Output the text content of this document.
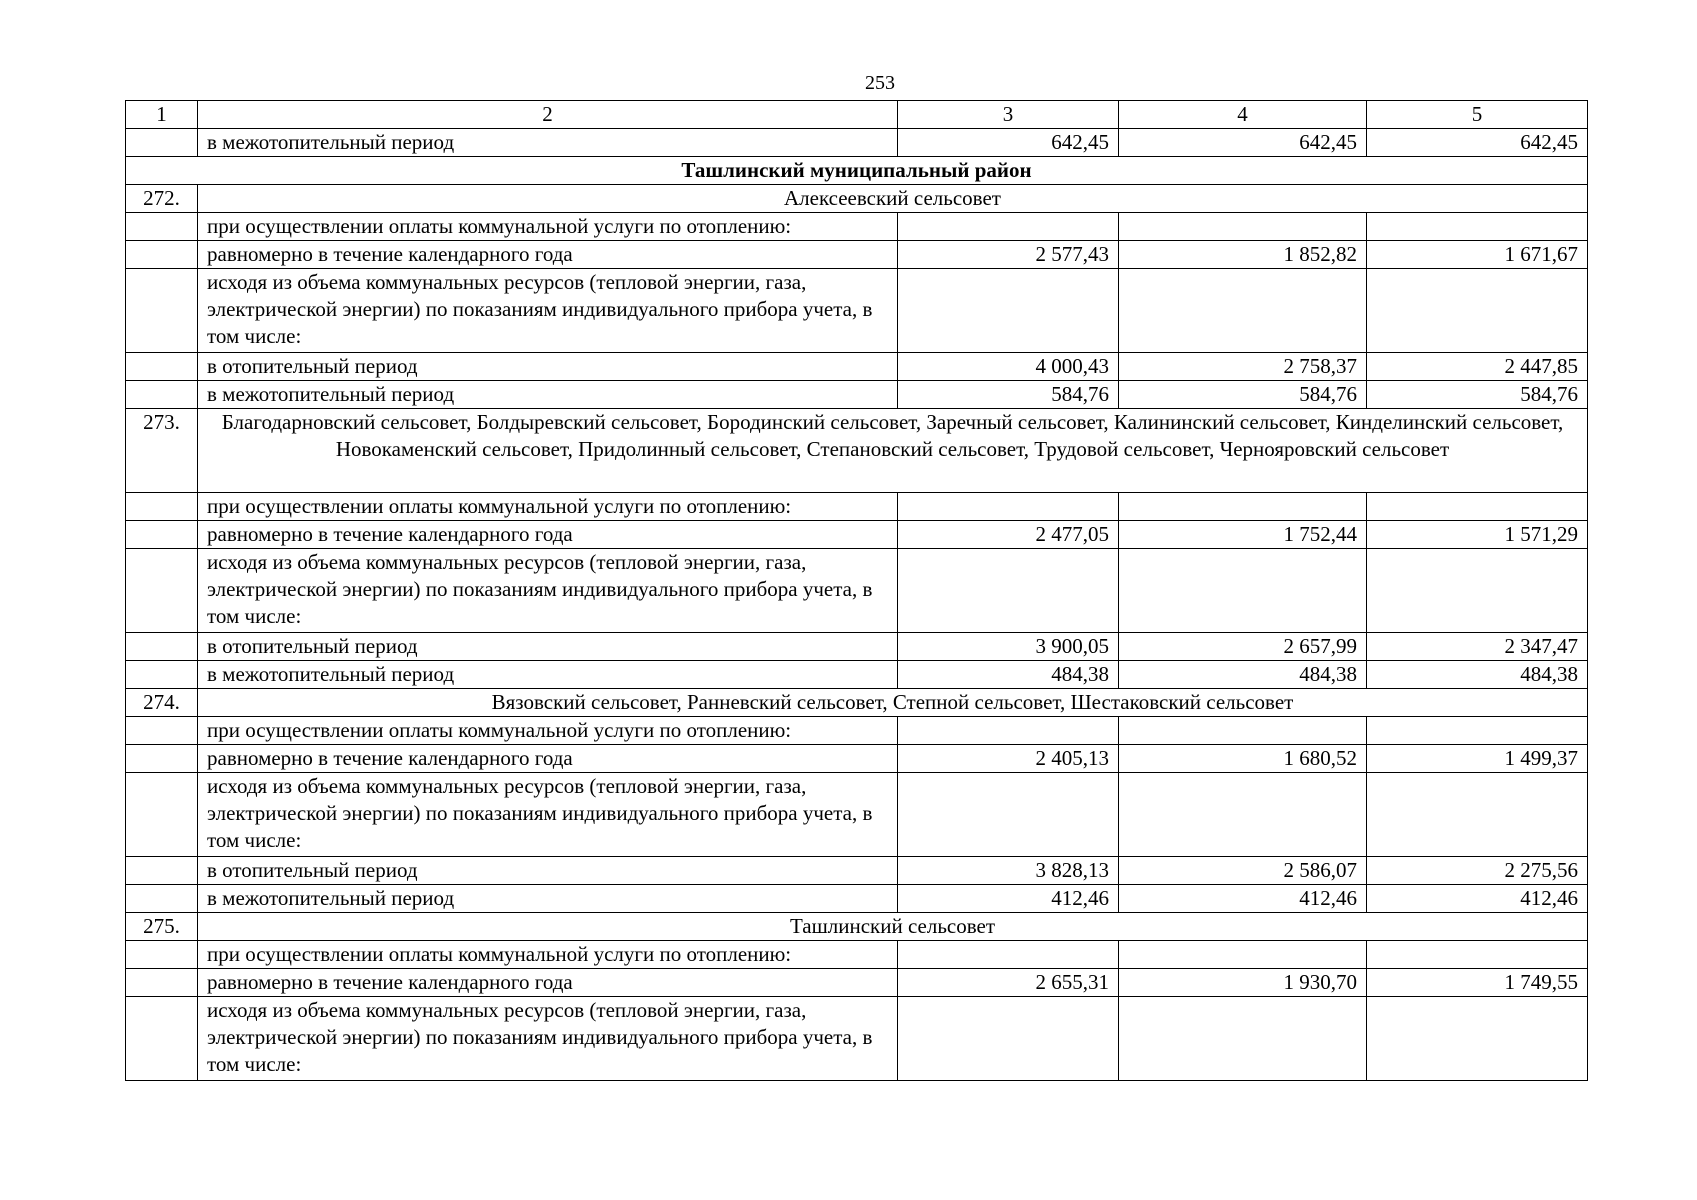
253
1	2	3	4	5
	в межотопительный период	642,45	642,45	642,45
Ташлинский муниципальный район				
272.	Алексеевский сельсовет			
	при осуществлении оплаты коммунальной услуги по отоплению:			
	равномерно в течение календарного года	2 577,43	1 852,82	1 671,67
	исходя из объема коммунальных ресурсов (тепловой энергии, газа, электрической энергии) по показаниям индивидуального прибора учета, в том числе:			
	в отопительный период	4 000,43	2 758,37	2 447,85
	в межотопительный период	584,76	584,76	584,76
273.	Благодарновский сельсовет, Болдыревский сельсовет, Бородинский сельсовет, Заречный сельсовет, Калининский сельсовет, Кинделинский сельсовет, Новокаменский сельсовет, Придолинный сельсовет, Степановский сельсовет, Трудовой сельсовет, Чернояровский сельсовет			
	при осуществлении оплаты коммунальной услуги по отоплению:			
	равномерно в течение календарного года	2 477,05	1 752,44	1 571,29
	исходя из объема коммунальных ресурсов (тепловой энергии, газа, электрической энергии) по показаниям индивидуального прибора учета, в том числе:			
	в отопительный период	3 900,05	2 657,99	2 347,47
	в межотопительный период	484,38	484,38	484,38
274.	Вязовский сельсовет, Ранневский сельсовет, Степной сельсовет, Шестаковский сельсовет			
	при осуществлении оплаты коммунальной услуги по отоплению:			
	равномерно в течение календарного года	2 405,13	1 680,52	1 499,37
	исходя из объема коммунальных ресурсов (тепловой энергии, газа, электрической энергии) по показаниям индивидуального прибора учета, в том числе:			
	в отопительный период	3 828,13	2 586,07	2 275,56
	в межотопительный период	412,46	412,46	412,46
275.	Ташлинский сельсовет			
	при осуществлении оплаты коммунальной услуги по отоплению:			
	равномерно в течение календарного года	2 655,31	1 930,70	1 749,55
	исходя из объема коммунальных ресурсов (тепловой энергии, газа, электрической энергии) по показаниям индивидуального прибора учета, в том числе:			
